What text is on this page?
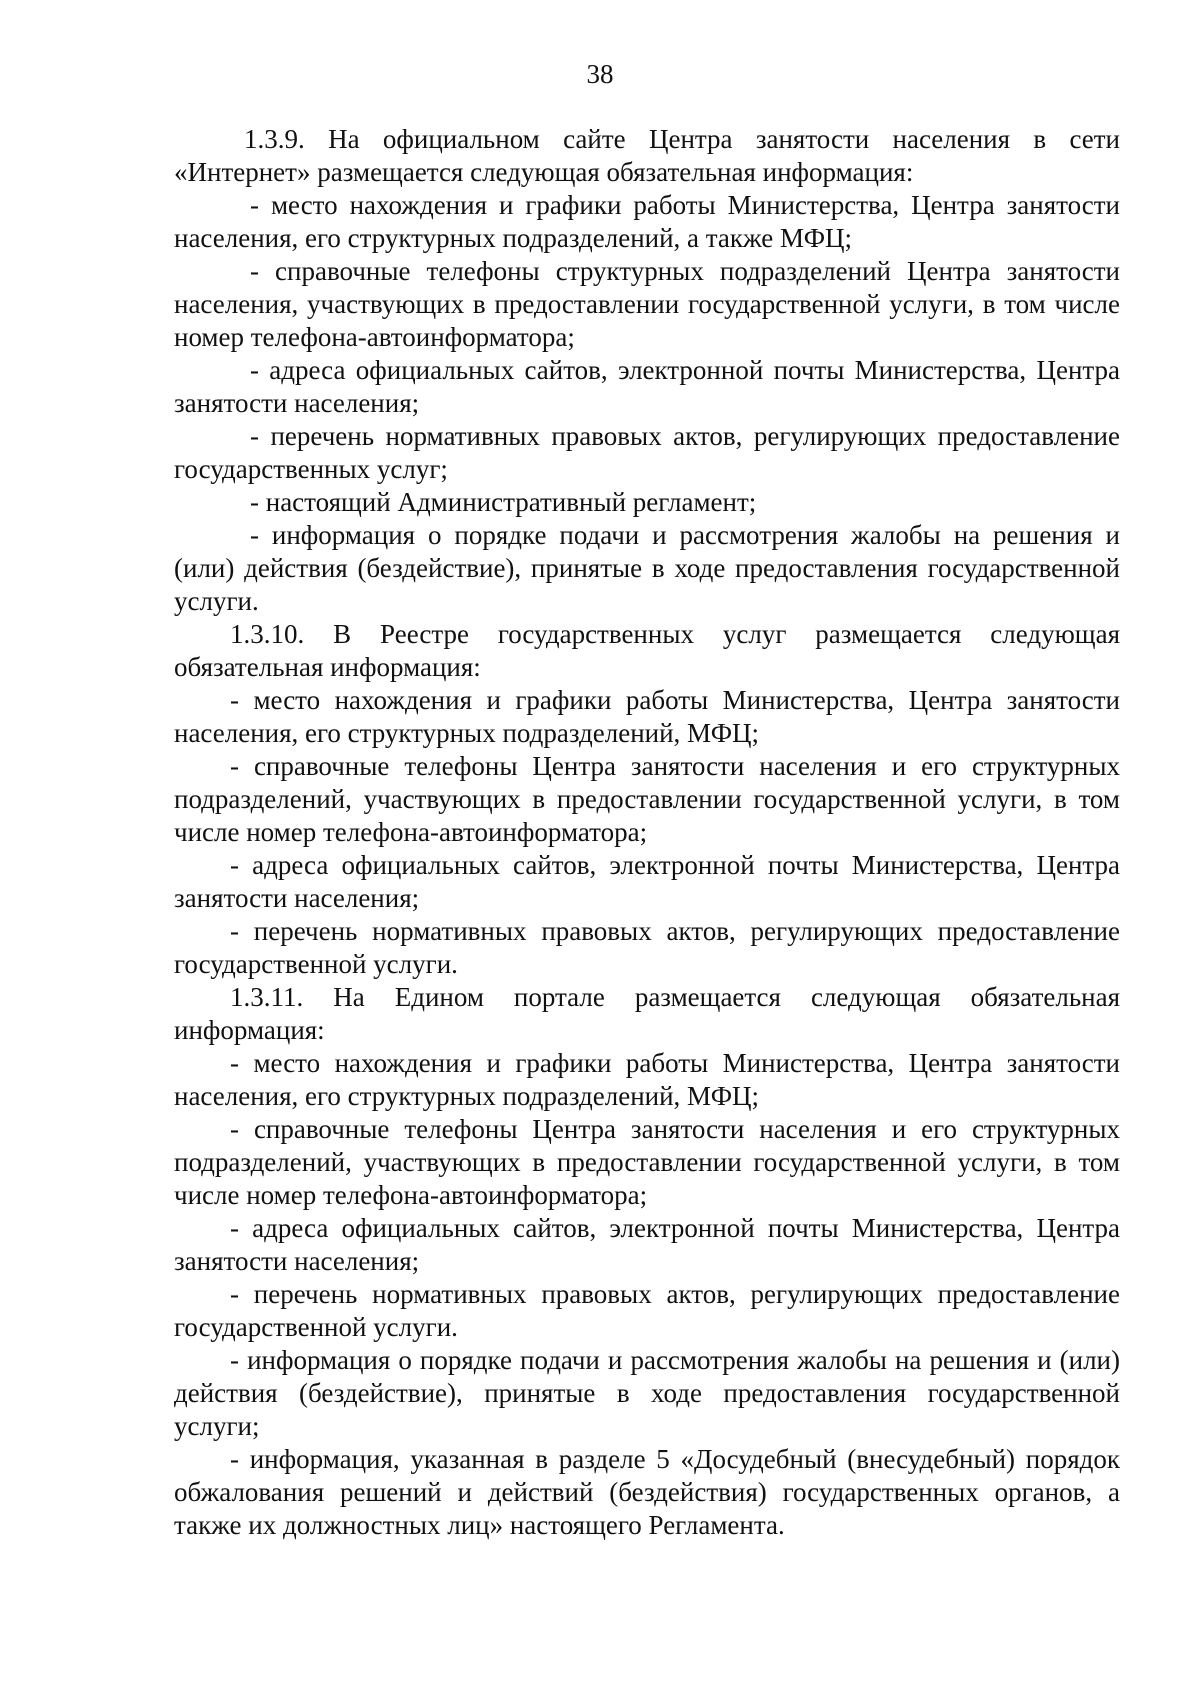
38

1.3.9. На официальном сайте Центра занятости населения в сети «Интернет» размещается следующая обязательная информация:

- место нахождения и графики работы Министерства, Центра занятости населения, его структурных подразделений, а также МФЦ;

- справочные телефоны структурных подразделений Центра занятости населения, участвующих в предоставлении государственной услуги, в том числе номер телефона-автоинформатора;

- адреса официальных сайтов, электронной почты Министерства, Центра занятости населения;

- перечень нормативных правовых актов, регулирующих предоставление государственных услуг;

- настоящий Административный регламент;

- информация о порядке подачи и рассмотрения жалобы на решения и (или) действия (бездействие), принятые в ходе предоставления государственной услуги.

1.3.10. В Реестре государственных услуг размещается следующая обязательная информация:

- место нахождения и графики работы Министерства, Центра занятости населения, его структурных подразделений, МФЦ;

- справочные телефоны Центра занятости населения и его структурных подразделений, участвующих в предоставлении государственной услуги, в том числе номер телефона-автоинформатора;

- адреса официальных сайтов, электронной почты Министерства, Центра занятости населения;

- перечень нормативных правовых актов, регулирующих предоставление государственной услуги.

1.3.11. На Едином портале размещается следующая обязательная информация:

- место нахождения и графики работы Министерства, Центра занятости населения, его структурных подразделений, МФЦ;

- справочные телефоны Центра занятости населения и его структурных подразделений, участвующих в предоставлении государственной услуги, в том числе номер телефона-автоинформатора;

- адреса официальных сайтов, электронной почты Министерства, Центра занятости населения;

- перечень нормативных правовых актов, регулирующих предоставление государственной услуги.

- информация о порядке подачи и рассмотрения жалобы на решения и (или) действия (бездействие), принятые в ходе предоставления государственной услуги;

- информация, указанная в разделе 5 «Досудебный (внесудебный) порядок обжалования решений и действий (бездействия) государственных органов, а также их должностных лиц» настоящего Регламента.
